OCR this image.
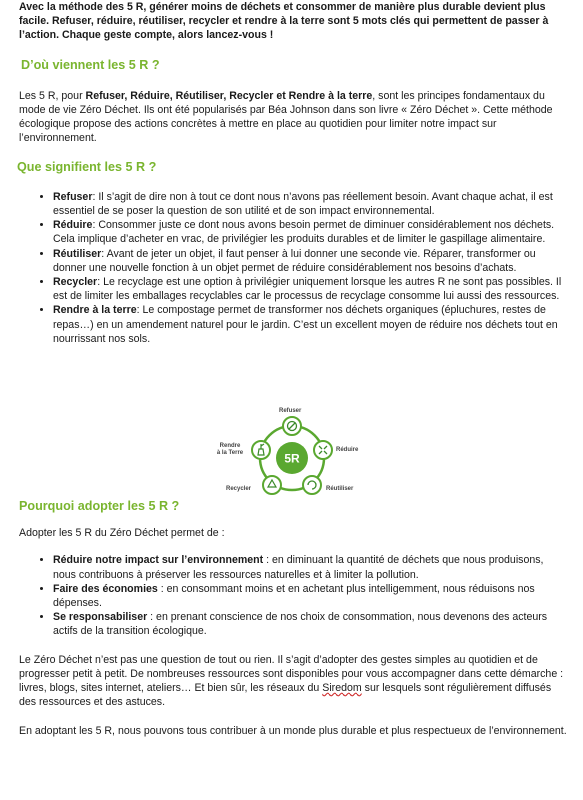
Avec la méthode des 5 R, générer moins de déchets et consommer de manière plus durable devient plus facile. Refuser, réduire, réutiliser, recycler et rendre à la terre sont 5 mots clés qui permettent de passer à l’action. Chaque geste compte, alors lancez-vous !

D’où viennent les 5 R ?

Les 5 R, pour Refuser, Réduire, Réutiliser, Recycler et Rendre à la terre, sont les principes fondamentaux du mode de vie Zéro Déchet. Ils ont été popularisés par Béa Johnson dans son livre « Zéro Déchet ». Cette méthode écologique propose des actions concrètes à mettre en place au quotidien pour limiter notre impact sur l’environnement.

Que signifient les 5 R ?
• Refuser: Il s’agit de dire non à tout ce dont nous n’avons pas réellement besoin. Avant chaque achat, il est essentiel de se poser la question de son utilité et de son impact environnemental.
• Réduire: Consommer juste ce dont nous avons besoin permet de diminuer considérablement nos déchets. Cela implique d’acheter en vrac, de privilégier les produits durables et de limiter le gaspillage alimentaire.
• Réutiliser: Avant de jeter un objet, il faut penser à lui donner une seconde vie. Réparer, transformer ou donner une nouvelle fonction à un objet permet de réduire considérablement nos besoins d’achats.
• Recycler: Le recyclage est une option à privilégier uniquement lorsque les autres R ne sont pas possibles. Il est de limiter les emballages recyclables car le processus de recyclage consomme lui aussi des ressources.
• Rendre à la terre: Le compostage permet de transformer nos déchets organiques (épluchures, restes de repas…) en un amendement naturel pour le jardin. C’est un excellent moyen de réduire nos déchets tout en nourrissant nos sols.
Pourquoi adopter les 5 R ?

Adopter les 5 R du Zéro Déchet permet de :

• Réduire notre impact sur l’environnement : en diminuant la quantité de déchets que nous produisons, nous contribuons à préserver les ressources naturelles et à limiter la pollution.
• Faire des économies : en consommant moins et en achetant plus intelligemment, nous réduisons nos dépenses.
• Se responsabiliser : en prenant conscience de nos choix de consommation, nous devenons des acteurs actifs de la transition écologique.

Le Zéro Déchet n’est pas une question de tout ou rien. Il s’agit d’adopter des gestes simples au quotidien et de progresser petit à petit. De nombreuses ressources sont disponibles pour vous accompagner dans cette démarche : livres, blogs, sites internet, ateliers… Et bien sûr, les réseaux du Siredom sur lesquels sont régulièrement diffusés des ressources et des astuces.

En adoptant les 5 R, nous pouvons tous contribuer à un monde plus durable et plus respectueux de l’environnement.

5R
Refuser
Réduire
Réutiliser
Recycler
Rendre
à la Terre
